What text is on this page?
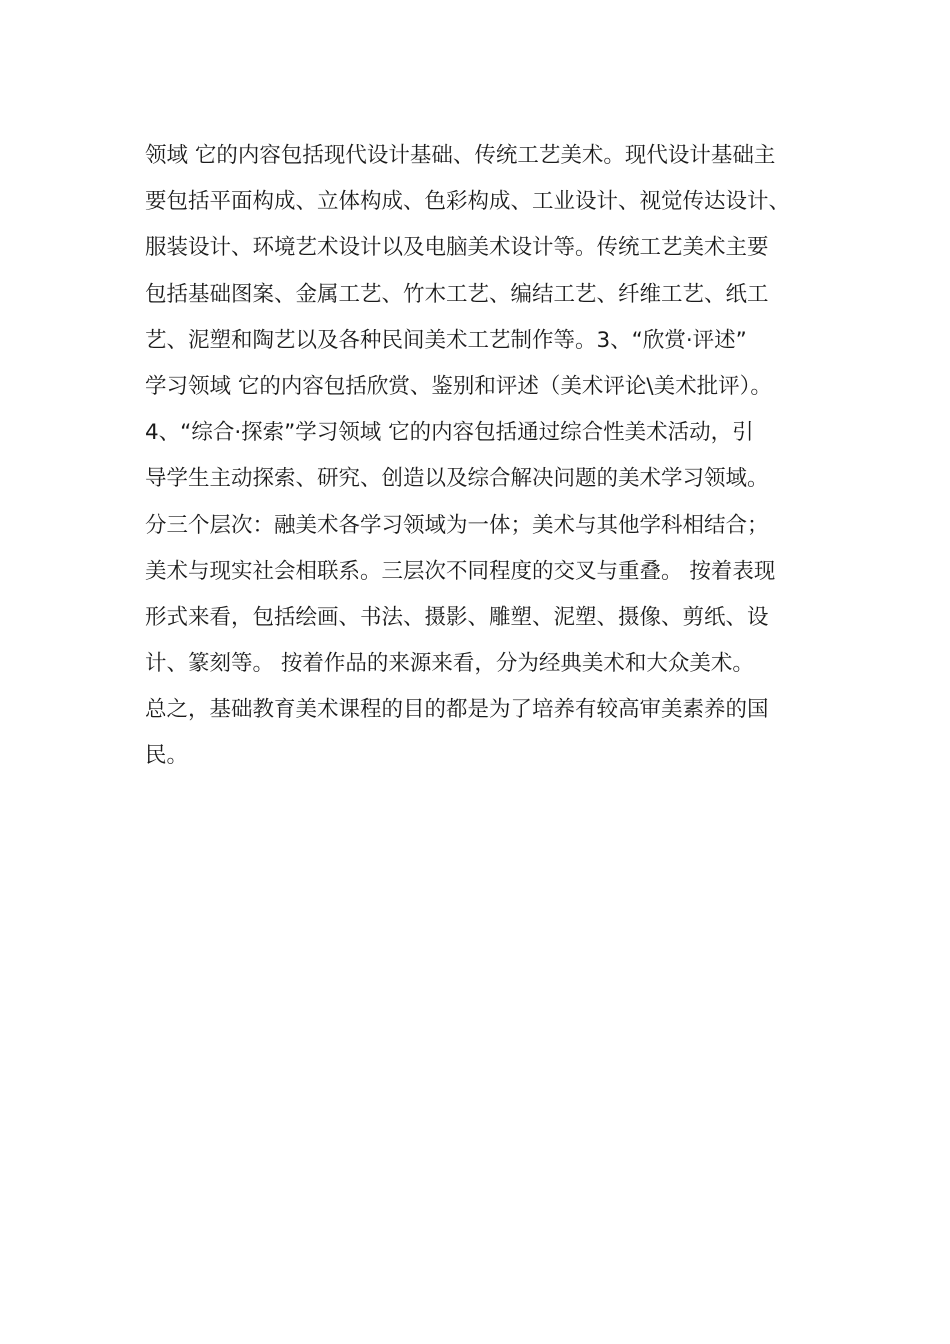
领域 它的内容包括现代设计基础、传统工艺美术。现代设计基础主
要包括平面构成、立体构成、色彩构成、工业设计、视觉传达设计、
服装设计、环境艺术设计以及电脑美术设计等。传统工艺美术主要
包括基础图案、金属工艺、竹木工艺、编结工艺、纤维工艺、纸工
艺、泥塑和陶艺以及各种民间美术工艺制作等。3、“欣赏·评述”
学习领域 它的内容包括欣赏、鉴别和评述（美术评论\美术批评）。
4、“综合·探索”学习领域 它的内容包括通过综合性美术活动，引
导学生主动探索、研究、创造以及综合解决问题的美术学习领域。
分三个层次：融美术各学习领域为一体；美术与其他学科相结合；
美术与现实社会相联系。三层次不同程度的交叉与重叠。 按着表现
形式来看，包括绘画、书法、摄影、雕塑、泥塑、摄像、剪纸、设
计、篆刻等。 按着作品的来源来看，分为经典美术和大众美术。
总之，基础教育美术课程的目的都是为了培养有较高审美素养的国
民。
